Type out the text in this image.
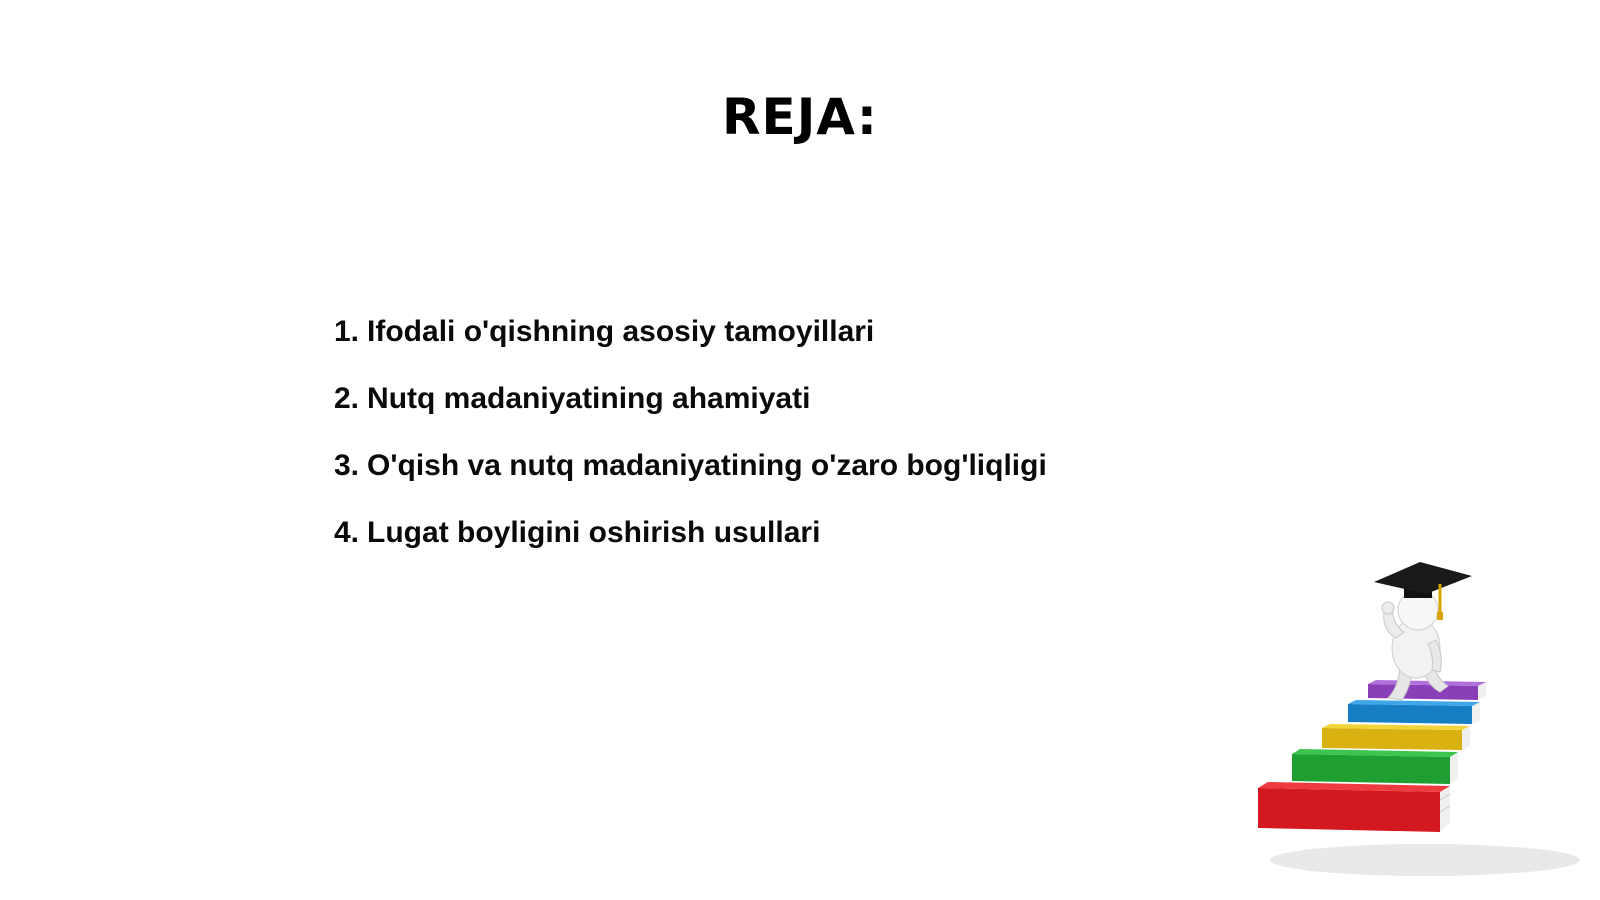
REJA:
1. Ifodali o'qishning asosiy tamoyillari
2. Nutq madaniyatining ahamiyati
3. O'qish va nutq madaniyatining o'zaro bog'liqligi
4. Lugat boyligini oshirish usullari
